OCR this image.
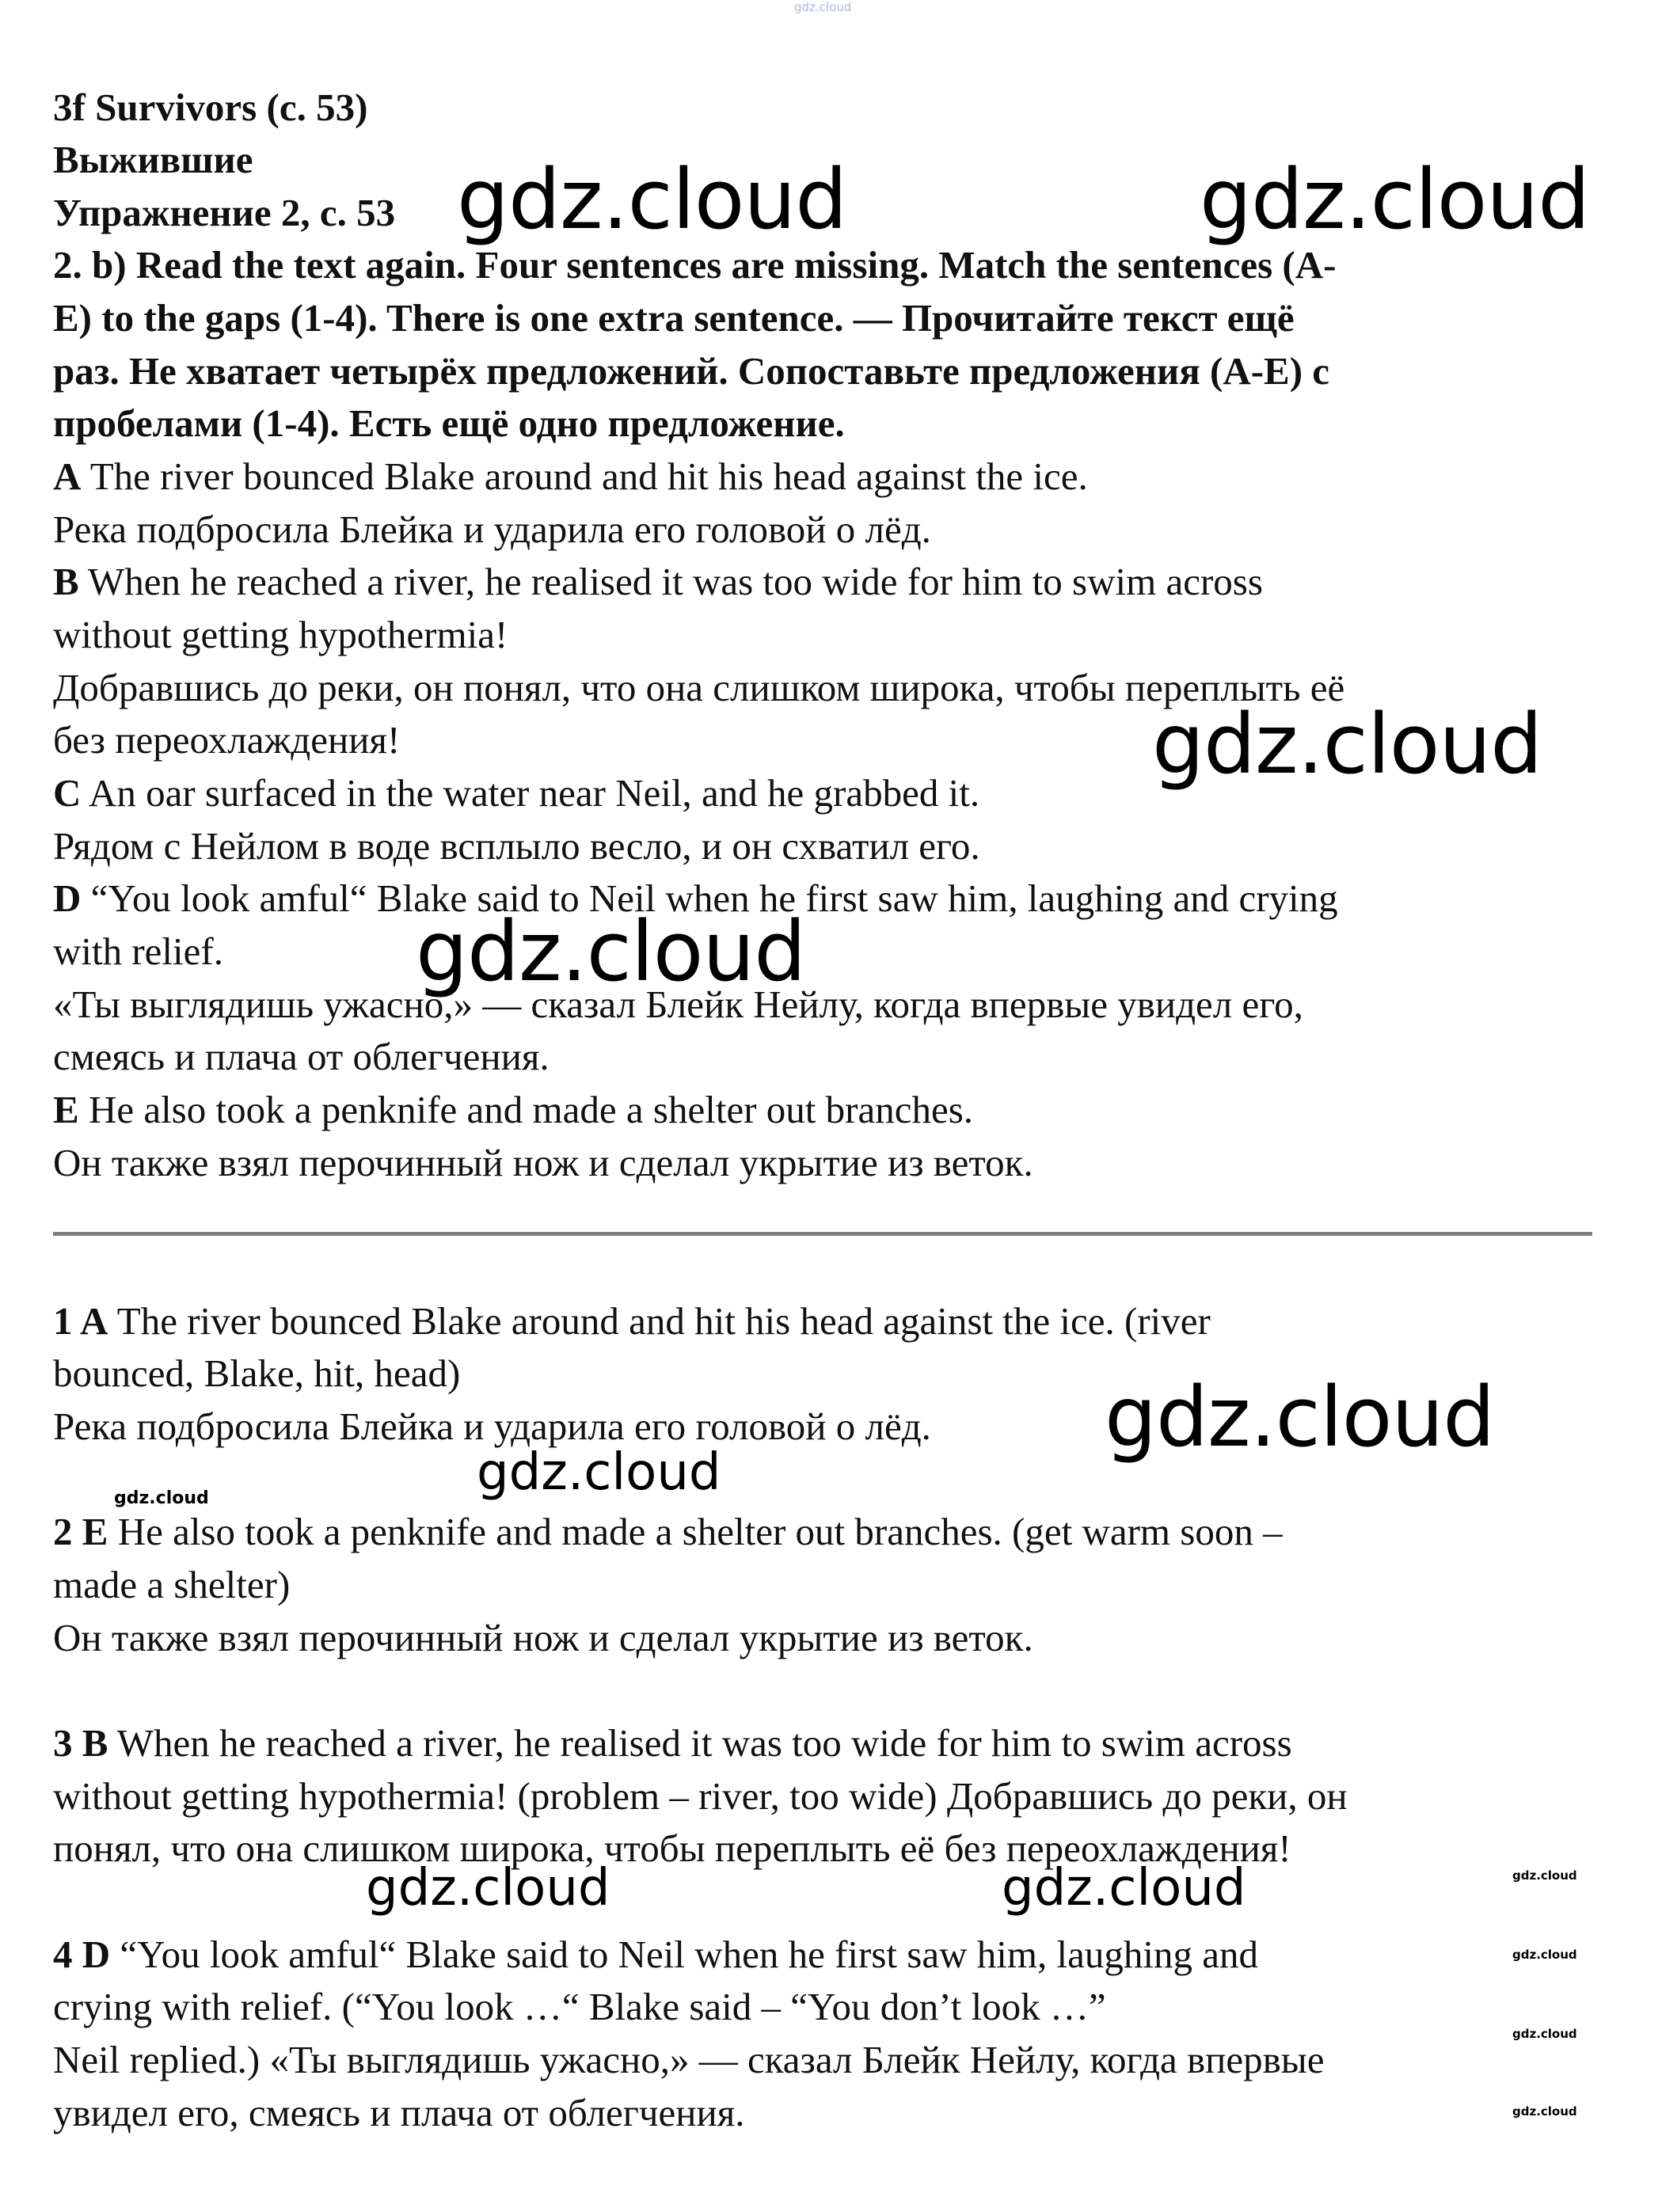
gdz.cloud
3f Survivors (с. 53)
Выжившие
Упражнение 2, с. 53
2. b) Read the text again. Four sentences are missing. Match the sentences (A-
E) to the gaps (1-4). There is one extra sentence. — Прочитайте текст ещё
раз. Не хватает четырёх предложений. Сопоставьте предложения (A-E) с
пробелами (1-4). Есть ещё одно предложение.
A The river bounced Blake around and hit his head against the ice.
Река подбросила Блейка и ударила его головой о лёд.
B When he reached a river, he realised it was too wide for him to swim across
without getting hypothermia!
Добравшись до реки, он понял, что она слишком широка, чтобы переплыть её
без переохлаждения!
C An oar surfaced in the water near Neil, and he grabbed it.
Рядом с Нейлом в воде всплыло весло, и он схватил его.
D “You look amful“ Blake said to Neil when he first saw him, laughing and crying
with relief.
«Ты выглядишь ужасно,» — сказал Блейк Нейлу, когда впервые увидел его,
смеясь и плача от облегчения.
E He also took a penknife and made a shelter out branches.
Он также взял перочинный нож и сделал укрытие из веток.
1 A The river bounced Blake around and hit his head against the ice. (river
bounced, Blake, hit, head)
Река подбросила Блейка и ударила его головой о лёд.
2 E He also took a penknife and made a shelter out branches. (get warm soon –
made a shelter)
Он также взял перочинный нож и сделал укрытие из веток.
3 B When he reached a river, he realised it was too wide for him to swim across
without getting hypothermia! (problem – river, too wide) Добравшись до реки, он
понял, что она слишком широка, чтобы переплыть её без переохлаждения!
4 D “You look amful“ Blake said to Neil when he first saw him, laughing and
crying with relief. (“You look …“ Blake said – “You don’t look …”
Neil replied.) «Ты выглядишь ужасно,» — сказал Блейк Нейлу, когда впервые
увидел его, смеясь и плача от облегчения.
gdz.cloud	gdz.cloud
gdz.cloud
gdz.cloud
gdz.cloud
gdz.cloud
gdz.cloud
gdz.cloud	gdz.cloud	gdz.cloud
gdz.cloud
gdz.cloud
gdz.cloud
